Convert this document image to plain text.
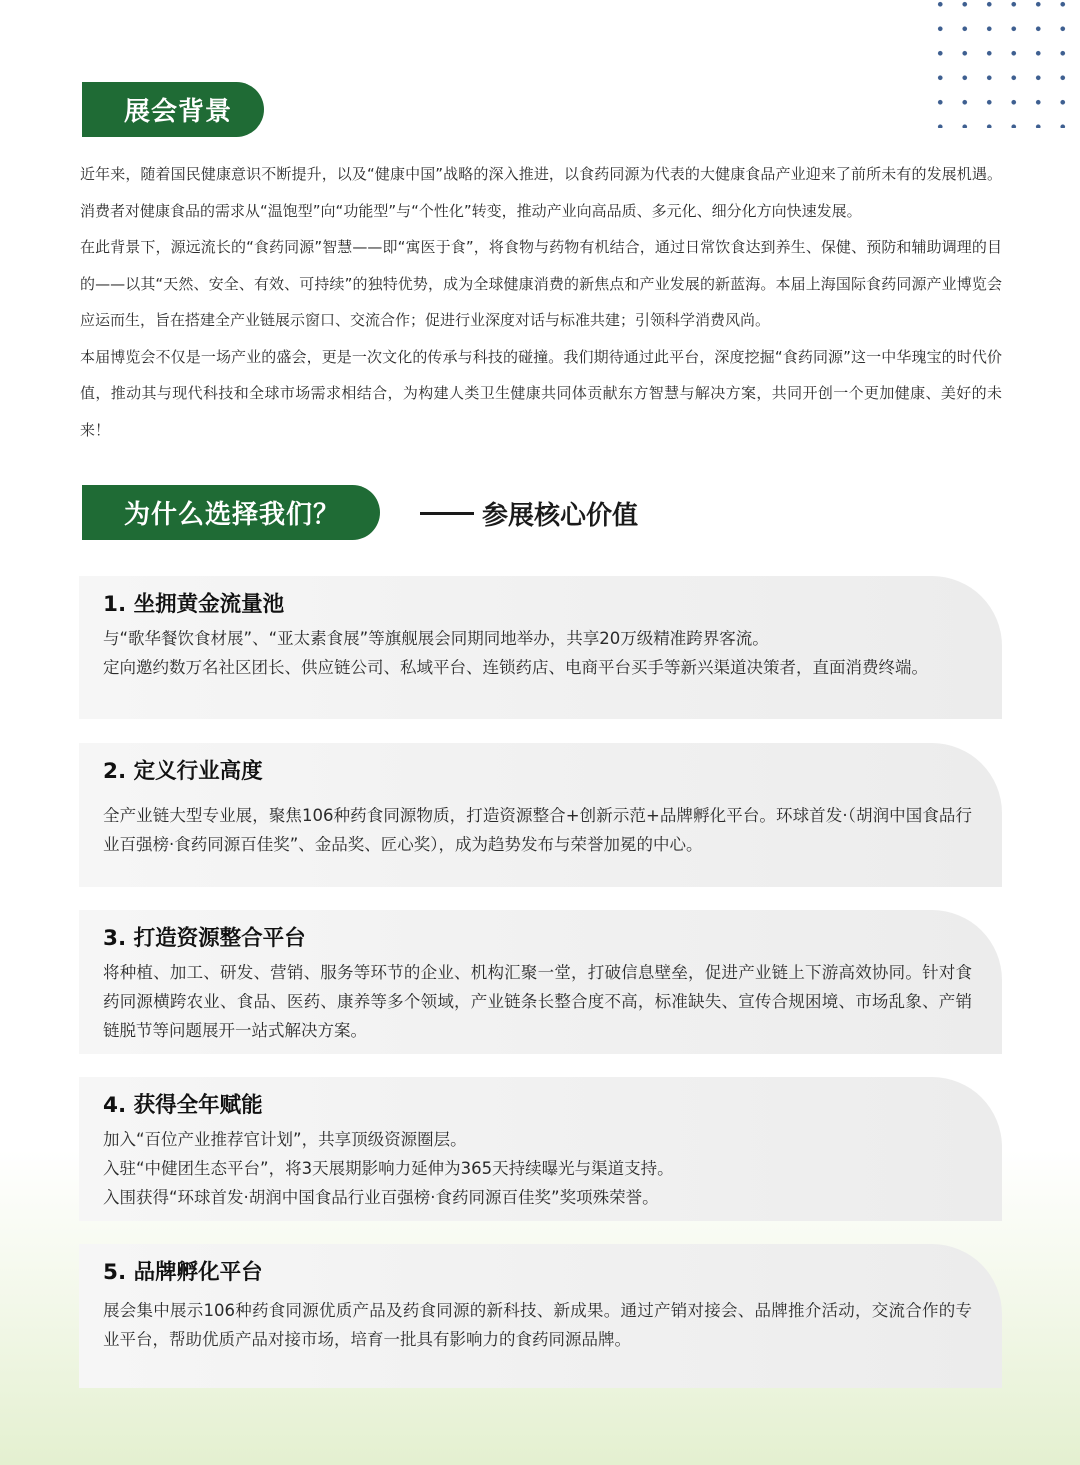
展会背景

近年来，随着国民健康意识不断提升，以及“健康中国”战略的深入推进，以食药同源为代表的大健康食品产业迎来了前所未有的发展机遇。消费者对健康食品的需求从“温饱型”向“功能型”与“个性化”转变，推动产业向高品质、多元化、细分化方向快速发展。

在此背景下，源远流长的“食药同源”智慧——即“寓医于食”，将食物与药物有机结合，通过日常饮食达到养生、保健、预防和辅助调理的目的——以其“天然、安全、有效、可持续”的独特优势，成为全球健康消费的新焦点和产业发展的新蓝海。本届上海国际食药同源产业博览会应运而生，旨在搭建全产业链展示窗口、交流合作；促进行业深度对话与标准共建；引领科学消费风尚。

本届博览会不仅是一场产业的盛会，更是一次文化的传承与科技的碰撞。我们期待通过此平台，深度挖掘“食药同源”这一中华瑰宝的时代价值，推动其与现代科技和全球市场需求相结合，为构建人类卫生健康共同体贡献东方智慧与解决方案，共同开创一个更加健康、美好的未来！

为什么选择我们？	参展核心价值
1. 坐拥黄金流量池

与“歌华餐饮食材展”、“亚太素食展”等旗舰展会同期同地举办，共享20万级精准跨界客流。

定向邀约数万名社区团长、供应链公司、私域平台、连锁药店、电商平台买手等新兴渠道决策者，直面消费终端。

2. 定义行业高度

全产业链大型专业展，聚焦106种药食同源物质，打造资源整合+创新示范+品牌孵化平台。环球首发·（胡润中国食品行业百强榜·食药同源百佳奖”、金品奖、匠心奖），成为趋势发布与荣誉加冕的中心。

3. 打造资源整合平台

将种植、加工、研发、营销、服务等环节的企业、机构汇聚一堂，打破信息壁垒，促进产业链上下游高效协同。针对食药同源横跨农业、食品、医药、康养等多个领域，产业链条长整合度不高，标准缺失、宣传合规困境、市场乱象、产销链脱节等问题展开一站式解决方案。

4. 获得全年赋能

加入“百位产业推荐官计划”，共享顶级资源圈层。

入驻“中健团生态平台”，将3天展期影响力延伸为365天持续曝光与渠道支持。

入围获得“环球首发·胡润中国食品行业百强榜·食药同源百佳奖”奖项殊荣誉。

5. 品牌孵化平台

展会集中展示106种药食同源优质产品及药食同源的新科技、新成果。通过产销对接会、品牌推介活动，交流合作的专业平台，帮助优质产品对接市场，培育一批具有影响力的食药同源品牌。
